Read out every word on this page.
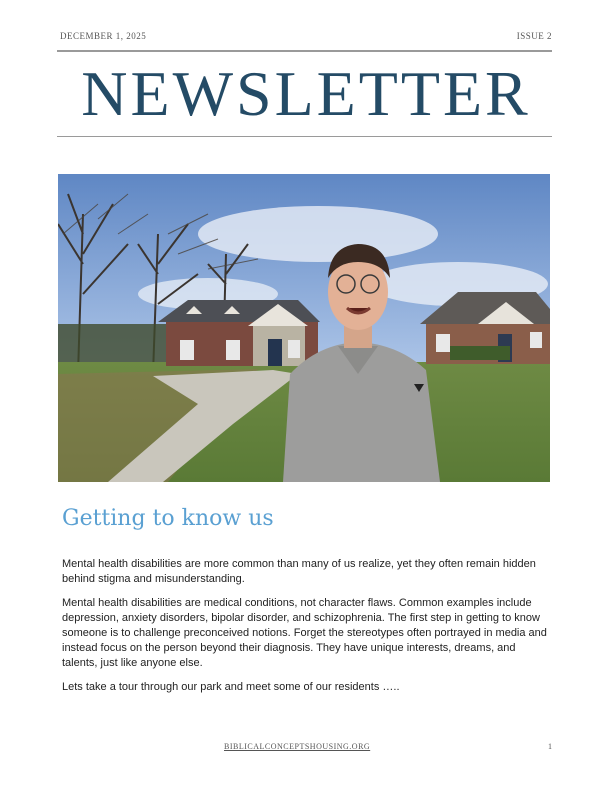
DECEMBER 1, 2025	ISSUE 2
NEWSLETTER
Getting to know us

Mental health disabilities are more common than many of us realize, yet they often remain hidden behind stigma and misunderstanding.

Mental health disabilities are medical conditions, not character flaws. Common examples include depression, anxiety disorders, bipolar disorder, and schizophrenia. The first step in getting to know someone is to challenge preconceived notions. Forget the stereotypes often portrayed in media and instead focus on the person beyond their diagnosis. They have unique interests, dreams, and talents, just like anyone else.

Lets take a tour through our park and meet some of our residents …..

BIBLICALCONCEPTSHOUSING.ORG	1
